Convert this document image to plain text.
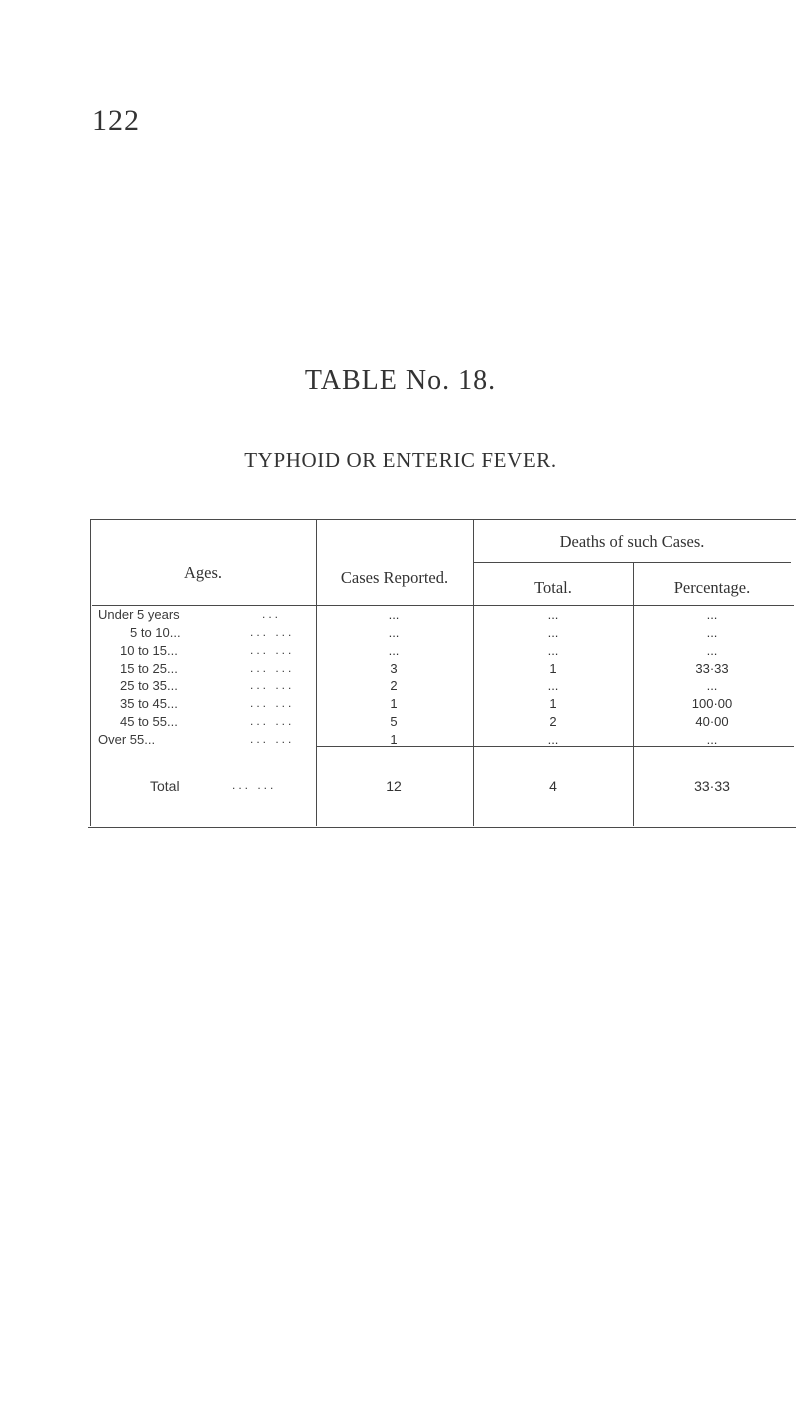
122
TABLE No. 18.
TYPHOID OR ENTERIC FEVER.
Ages.	Cases Reported.
Deaths of such Cases.
Total.	Percentage.
Under 5 years	...	...	...	...
5 to 10...	... ...	...	...	...
10 to 15...	... ...	...	...	...
15 to 25...	... ...	3	1	33·33
25 to 35...	... ...	2	...	...
35 to 45...	... ...	1	1	100·00
45 to 55...	... ...	5	2	40·00
Over 55...	... ...	1	...	...
Total	... ...	12	4	33·33
